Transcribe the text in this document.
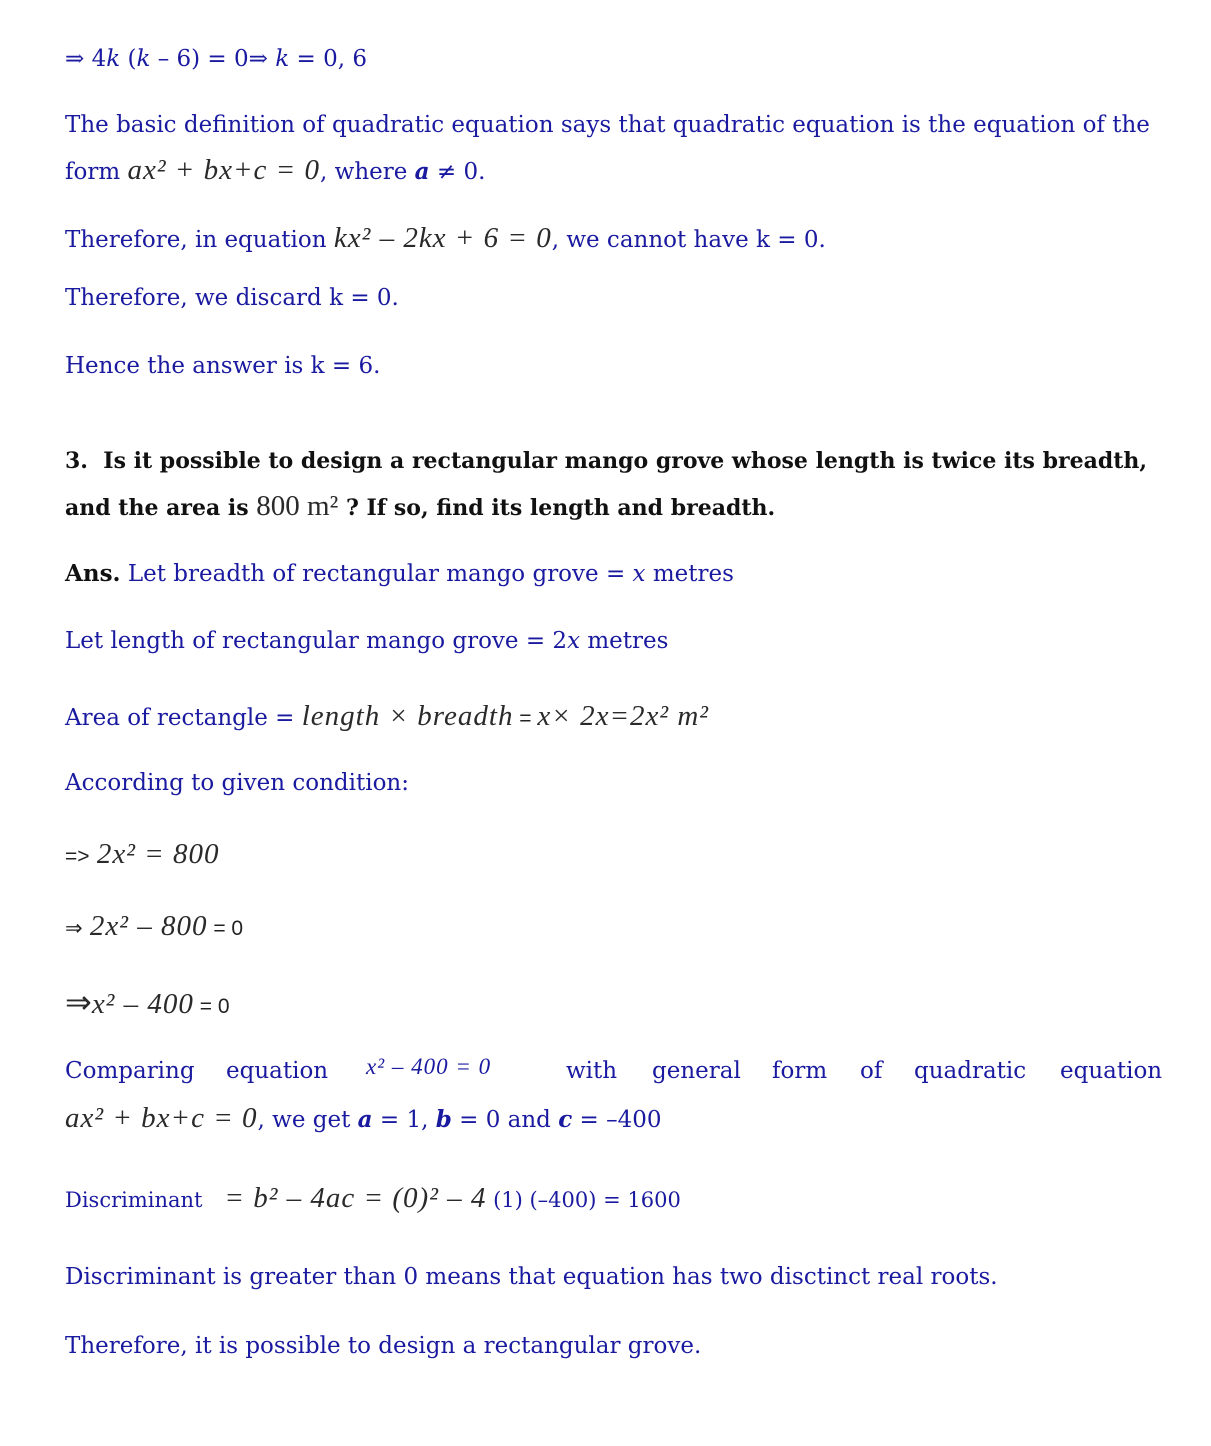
⇒ 4k (k – 6) = 0⇒ k = 0, 6
The basic definition of quadratic equation says that quadratic equation is the equation of the
form ax² + bx+c = 0, where a ≠ 0.
Therefore, in equation kx² – 2kx + 6 = 0, we cannot have k = 0.
Therefore, we discard k = 0.
Hence the answer is k = 6.
3. Is it possible to design a rectangular mango grove whose length is twice its breadth,
and the area is 800 m² ? If so, find its length and breadth.
Ans. Let breadth of rectangular mango grove = x metres
Let length of rectangular mango grove = 2x metres
Area of rectangle = length × breadth = x× 2x=2x² m²
According to given condition:
=> 2x² = 800
⇒ 2x² – 800 = 0
⇒x² – 400 = 0
Comparing equation x² – 400 = 0	with general form of quadratic equation
ax² + bx+c = 0, we get a = 1, b = 0 and c = –400
Discriminant = b² – 4ac = (0)² – 4 (1) (–400) = 1600
Discriminant is greater than 0 means that equation has two disctinct real roots.
Therefore, it is possible to design a rectangular grove.
